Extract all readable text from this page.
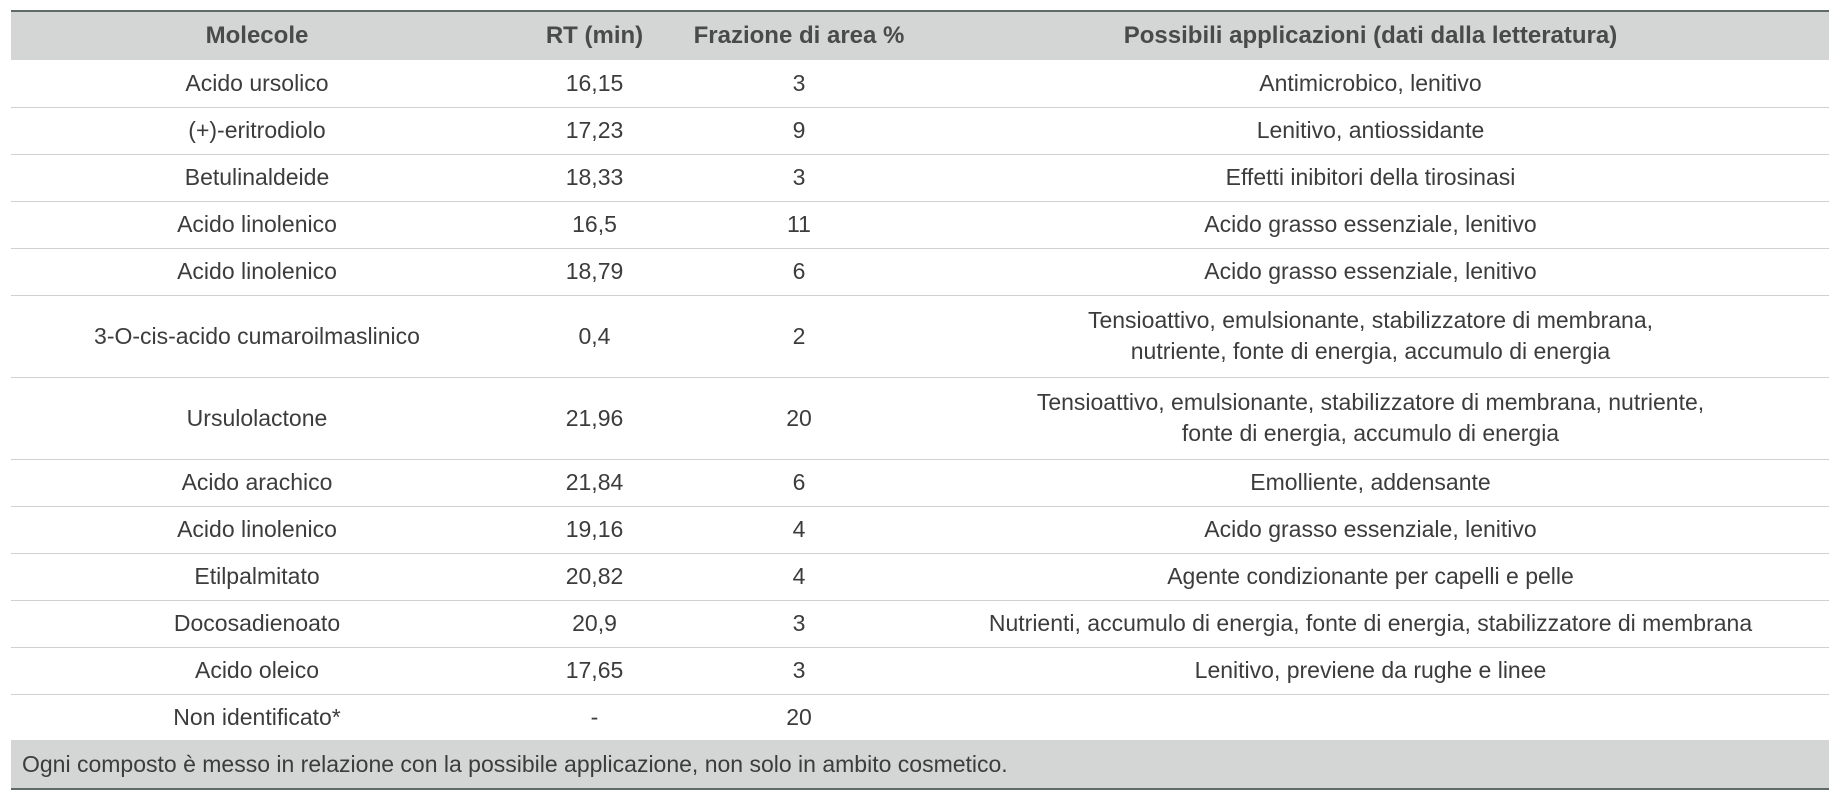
Molecole	RT (min)	Frazione di area %	Possibili applicazioni (dati dalla letteratura)
Acido ursolico	16,15	3	Antimicrobico, lenitivo
(+)-eritrodiolo	17,23	9	Lenitivo, antiossidante
Betulinaldeide	18,33	3	Effetti inibitori della tirosinasi
Acido linolenico	16,5	11	Acido grasso essenziale, lenitivo
Acido linolenico	18,79	6	Acido grasso essenziale, lenitivo
3-O-cis-acido cumaroilmaslinico	0,4	2	Tensioattivo, emulsionante, stabilizzatore di membrana,
nutriente, fonte di energia, accumulo di energia

Ursulolactone	21,96	20	Tensioattivo, emulsionante, stabilizzatore di membrana, nutriente,
fonte di energia, accumulo di energia

Acido arachico	21,84	6	Emolliente, addensante
Acido linolenico	19,16	4	Acido grasso essenziale, lenitivo
Etilpalmitato	20,82	4	Agente condizionante per capelli e pelle
Docosadienoato	20,9	3	Nutrienti, accumulo di energia, fonte di energia, stabilizzatore di membrana
Acido oleico	17,65	3	Lenitivo, previene da rughe e linee
Non identificato*	-	20	
Ogni composto è messo in relazione con la possibile applicazione, non solo in ambito cosmetico.
